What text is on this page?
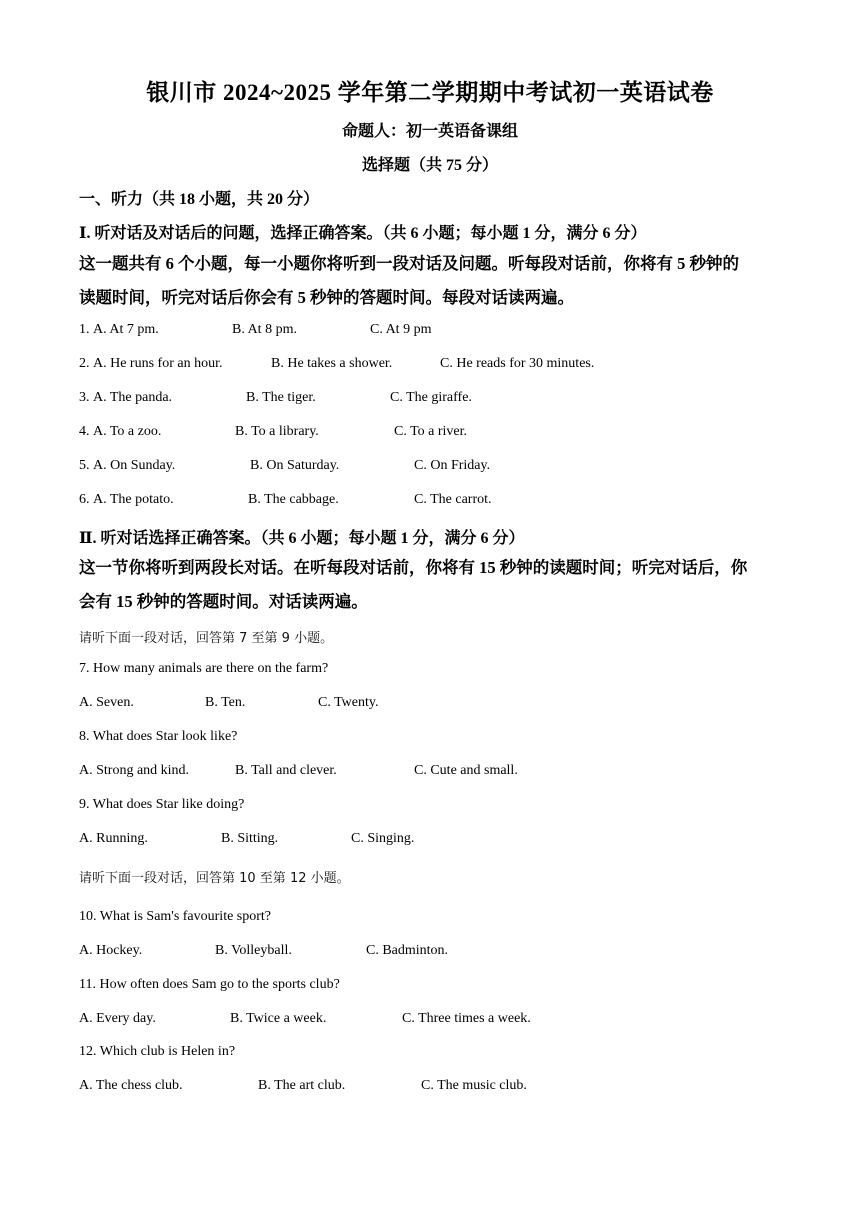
银川市 2024~2025 学年第二学期期中考试初一英语试卷
命题人：初一英语备课组
选择题（共 75 分）
一、听力（共 18 小题，共 20 分）
Ⅰ. 听对话及对话后的问题，选择正确答案。（共 6 小题；每小题 1 分，满分 6 分）
这一题共有 6 个小题，每一小题你将听到一段对话及问题。听每段对话前，你将有 5 秒钟的
读题时间，听完对话后你会有 5 秒钟的答题时间。每段对话读两遍。
1. A. At 7 pm.	B. At 8 pm.	C. At 9 pm
2. A. He runs for an hour.	B. He takes a shower.	C. He reads for 30 minutes.
3. A. The panda.	B. The tiger.	C. The giraffe.
4. A. To a zoo.	B. To a library.	C. To a river.
5. A. On Sunday.	B. On Saturday.	C. On Friday.
6. A. The potato.	B. The cabbage.	C. The carrot.
Ⅱ. 听对话选择正确答案。（共 6 小题；每小题 1 分，满分 6 分）
这一节你将听到两段长对话。在听每段对话前，你将有 15 秒钟的读题时间；听完对话后，你
会有 15 秒钟的答题时间。对话读两遍。
请听下面一段对话，回答第 7 至第 9 小题。
7. How many animals are there on the farm?
A. Seven.	B. Ten.	C. Twenty.
8. What does Star look like?
A. Strong and kind.	B. Tall and clever.	C. Cute and small.
9. What does Star like doing?
A. Running.	B. Sitting.	C. Singing.
请听下面一段对话，回答第 10 至第 12 小题。
10. What is Sam's favourite sport?
A. Hockey.	B. Volleyball.	C. Badminton.
11. How often does Sam go to the sports club?
A. Every day.	B. Twice a week.	C. Three times a week.
12. Which club is Helen in?
A. The chess club.	B. The art club.	C. The music club.
